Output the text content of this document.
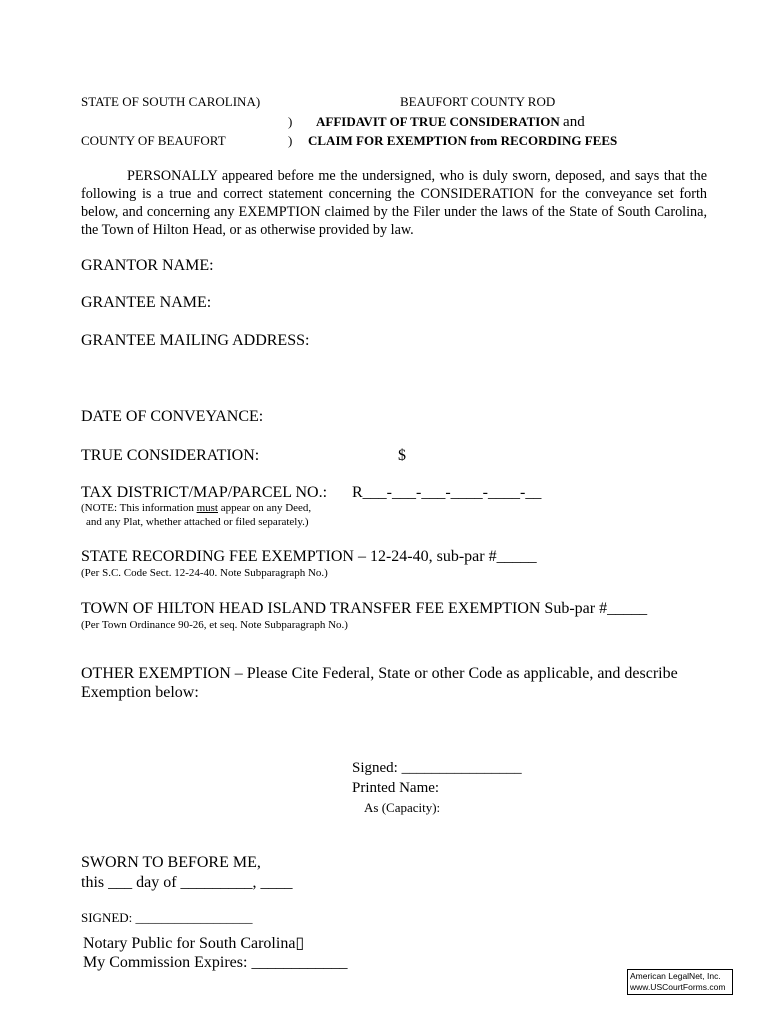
STATE OF SOUTH CAROLINA)	BEAUFORT COUNTY ROD
) AFFIDAVIT OF TRUE CONSIDERATION and
COUNTY OF BEAUFORT	) CLAIM FOR EXEMPTION from RECORDING FEES
PERSONALLY appeared before me the undersigned, who is duly sworn, deposed, and says that the following is a true and correct statement concerning the CONSIDERATION for the conveyance set forth below, and concerning any EXEMPTION claimed by the Filer under the laws of the State of South Carolina, the Town of Hilton Head, or as otherwise provided by law.
GRANTOR NAME:
GRANTEE NAME:
GRANTEE MAILING ADDRESS:
DATE OF CONVEYANCE:
TRUE CONSIDERATION:	$
TAX DISTRICT/MAP/PARCEL NO.: R___-___-___-____-____-__
(NOTE: This information must appear on any Deed,
and any Plat, whether attached or filed separately.)
STATE RECORDING FEE EXEMPTION – 12-24-40, sub-par #_____
(Per S.C. Code Sect. 12-24-40. Note Subparagraph No.)
TOWN OF HILTON HEAD ISLAND TRANSFER FEE EXEMPTION Sub-par #_____
(Per Town Ordinance 90-26, et seq. Note Subparagraph No.)
OTHER EXEMPTION – Please Cite Federal, State or other Code as applicable, and describe
Exemption below:
Signed: ________________
Printed Name:
As (Capacity):
SWORN TO BEFORE ME,
this ___ day of _________, ____
SIGNED: __________________
Notary Public for South Carolina▯
My Commission Expires: ____________
American LegalNet, Inc.
www.USCourtForms.com
